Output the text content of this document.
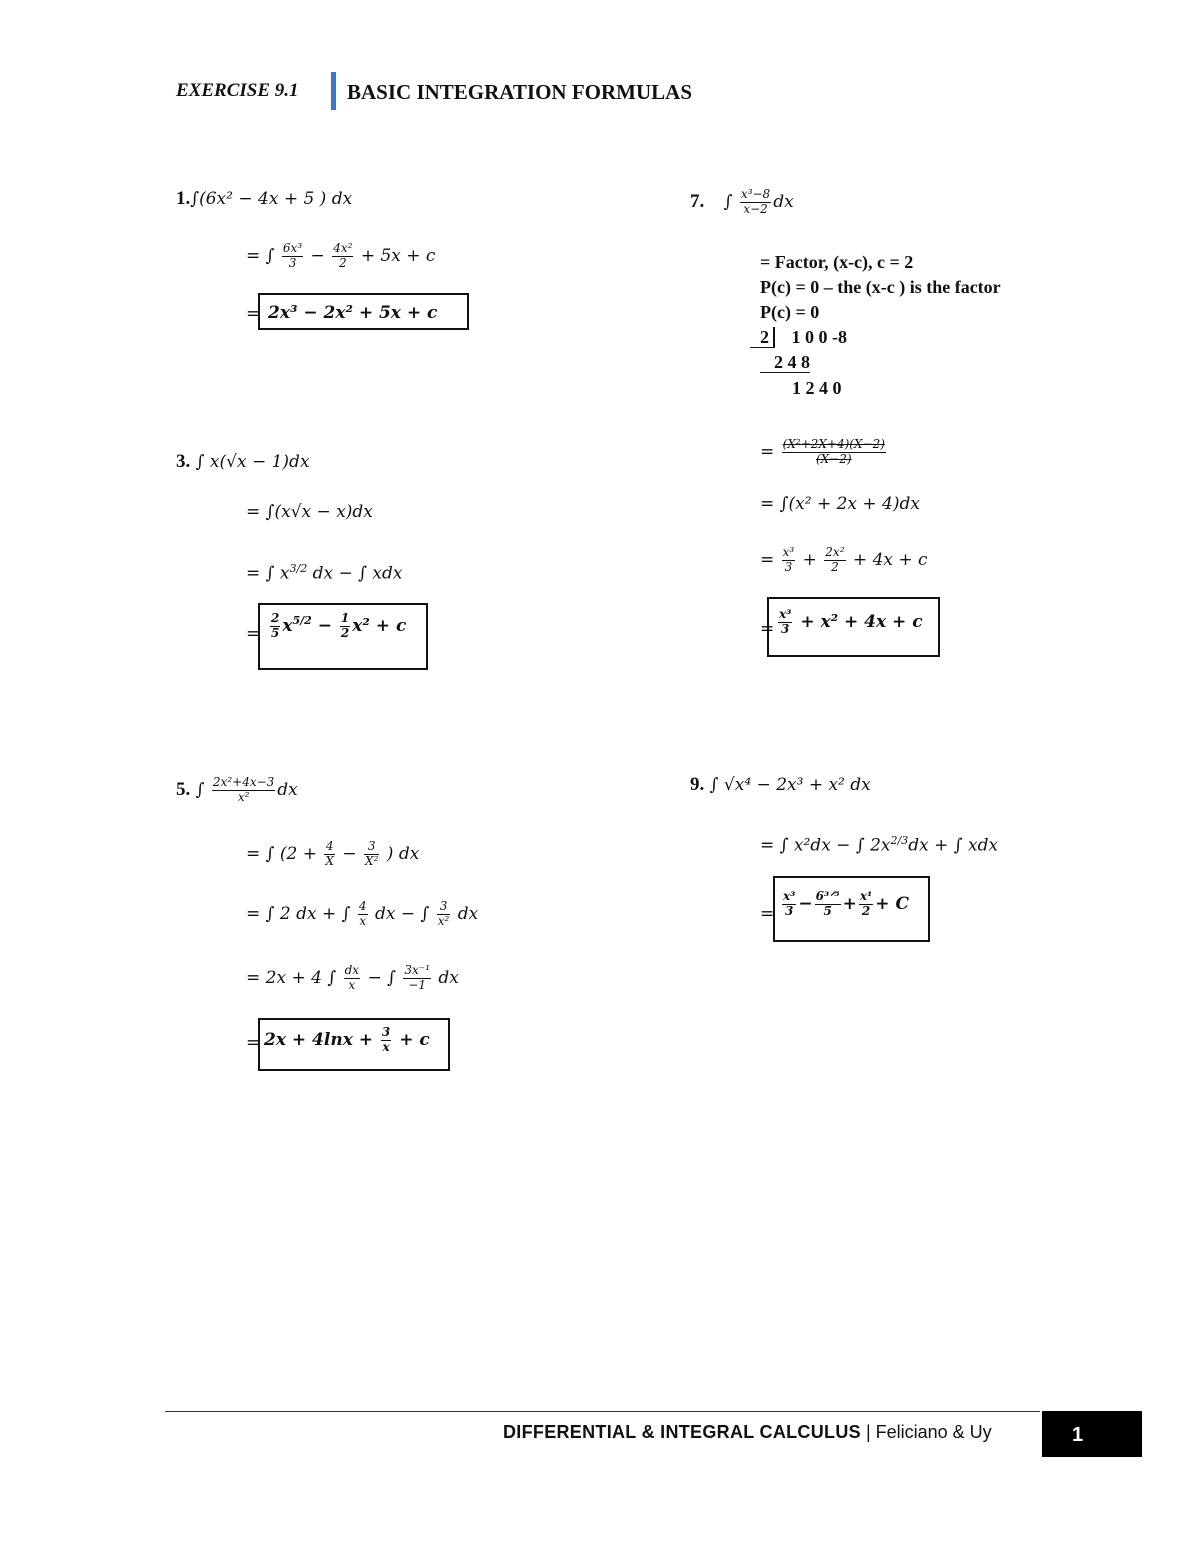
EXERCISE 9.1 BASIC INTEGRATION FORMULAS
1.∫(6x² − 4x + 5 ) dx
= ∫ $\frac{\text{6x³}}{3} - \frac{\text{4x²}}{2} + 5x + c$
= 2x³ − 2x² + 5x + c
3. ∫ x(√x − 1)dx
= ∫(x√x − x)dx
= ∫ $x^{3/2}$ dx − ∫ xdx
= $\frac{2}{5} x^{5/2} - \frac{1}{2} x^2 + c$
5. ∫ $\frac{\text{2x²+4x−3}}{\text{x²}}$ dx
= ∫ ($2 + \frac{4}{X} - \frac{3}{\text{X²}}$ ) dx
= ∫ 2 dx + ∫ $\frac{4}{x}$ dx − ∫ $\frac{3}{\text{x²}}$ dx
= 2x + 4 ∫ $\frac{dx}{x}$ − ∫ $\frac{\text{3x⁻¹}}{-1}$ dx
= $2x + 4\ln x + \frac{3}{x} + c$
7. ∫ $\frac{\text{x³−8}}{x-2}$ dx
= Factor, (x-c), c = 2
P(c) = 0 – the (x-c ) is the factor
P(c) = 0
2 1 0 0 -8
2 4 8
1 2 4 0
= $\frac{\text{(X²+2X+4)(X−2)}}{(X-2)}$
= ∫(x² + 2x + 4)dx
= $\frac{\text{x³}}{3} + \frac{\text{2x²}}{2} + 4x + c$
= $\frac{\text{x³}}{3} + x^2 + 4x + c$
9. ∫ √x⁴ − 2x³ + x² dx
= ∫ x²dx − ∫ $2x^{2/3}dx$ + ∫ xdx
= $\frac{\text{x³}}{3} - \frac{\text{6³ᐟ⁵}}{5} + \frac{\text{x¹}}{2} + C$
DIFFERENTIAL & INTEGRAL CALCULUS | Feliciano & Uy	1
